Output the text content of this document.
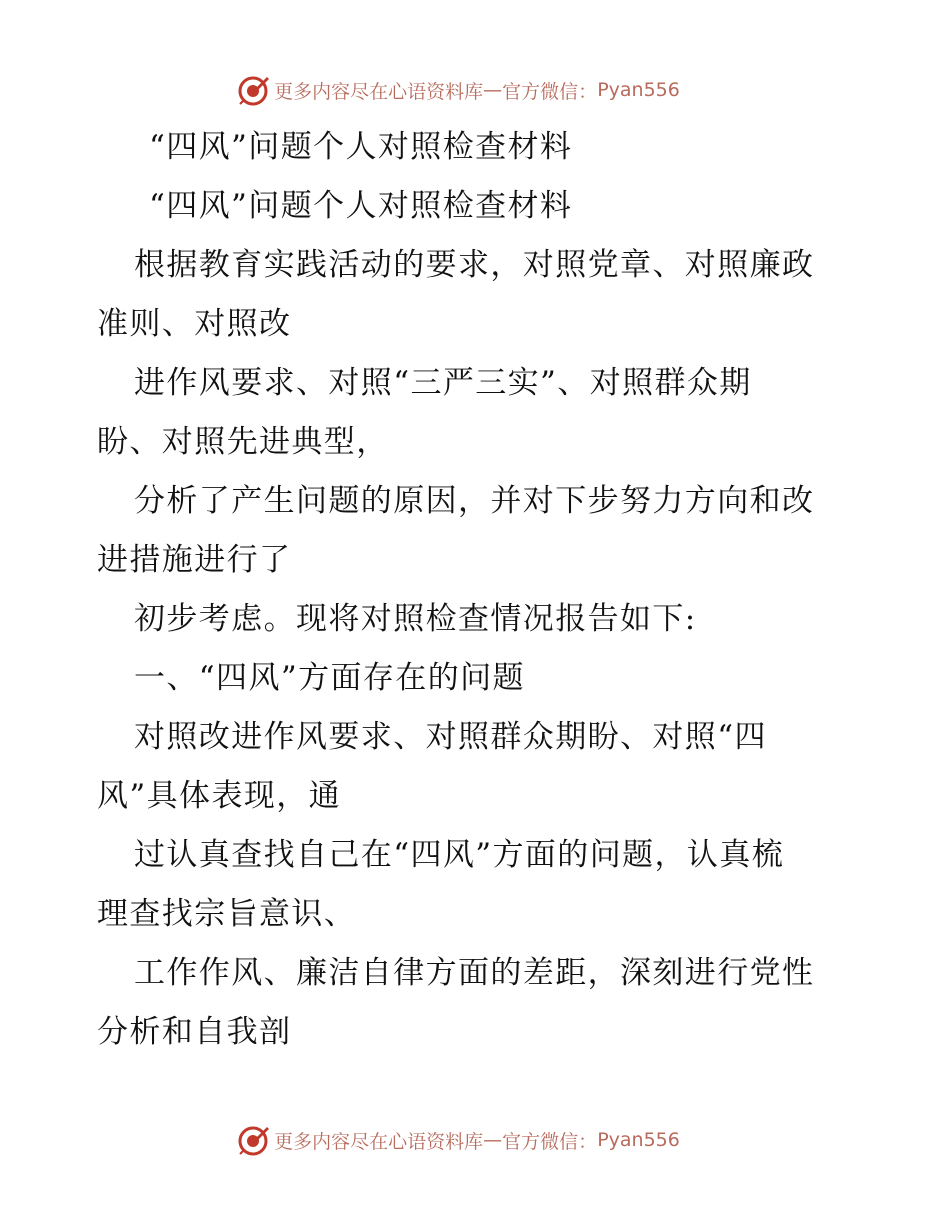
更多内容尽在心语资料库 — 官方微信： Pyan556
“四风”问题个人对照检查材料
“四风”问题个人对照检查材料
根据教育实践活动的要求，对照党章、对照廉政
准则、对照改
进作风要求、对照“三严三实”、对照群众期
盼、对照先进典型，
分析了产生问题的原因，并对下步努力方向和改
进措施进行了
初步考虑。现将对照检查情况报告如下:
一、“四风”方面存在的问题
对照改进作风要求、对照群众期盼、对照“四
风”具体表现，通
过认真查找自己在“四风”方面的问题，认真梳
理查找宗旨意识、
工作作风、廉洁自律方面的差距，深刻进行党性
分析和自我剖
更多内容尽在心语资料库 — 官方微信： Pyan556
